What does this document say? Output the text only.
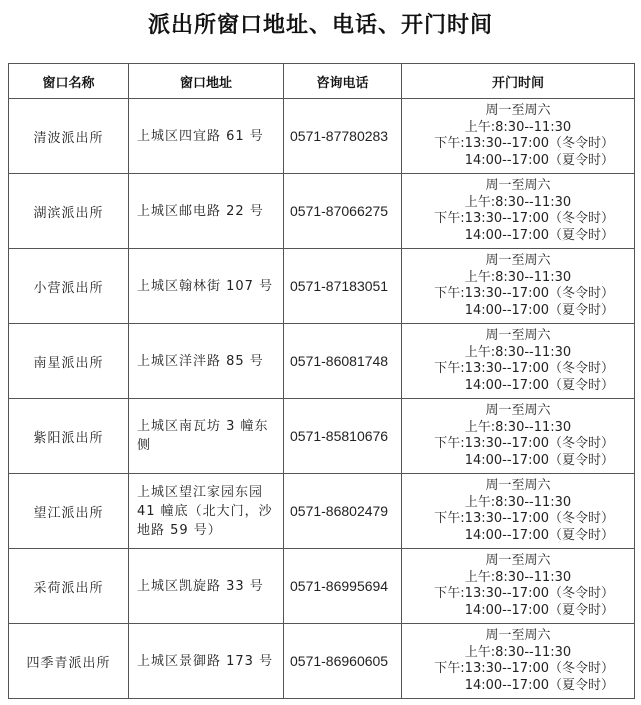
派出所窗口地址、电话、开门时间
窗口名称	窗口地址	咨询电话	开门时间
清波派出所	上城区四宜路 61 号	0571-87780283	周一至周六
上午:8:30--11:30
下午:13:30--17:00（冬令时）
14:00--17:00（夏令时）

湖滨派出所	上城区邮电路 22 号	0571-87066275	周一至周六
上午:8:30--11:30
下午:13:30--17:00（冬令时）
14:00--17:00（夏令时）

小营派出所	上城区翰林街 107 号	0571-87183051	周一至周六
上午:8:30--11:30
下午:13:30--17:00（冬令时）
14:00--17:00（夏令时）

南星派出所	上城区洋泮路 85 号	0571-86081748	周一至周六
上午:8:30--11:30
下午:13:30--17:00（冬令时）
14:00--17:00（夏令时）

紫阳派出所	上城区南瓦坊 3 幢东侧	0571-85810676	周一至周六
上午:8:30--11:30
下午:13:30--17:00（冬令时）
14:00--17:00（夏令时）

望江派出所	上城区望江家园东园 41 幢底（北大门，沙地路 59 号）	0571-86802479	周一至周六
上午:8:30--11:30
下午:13:30--17:00（冬令时）
14:00--17:00（夏令时）

采荷派出所	上城区凯旋路 33 号	0571-86995694	周一至周六
上午:8:30--11:30
下午:13:30--17:00（冬令时）
14:00--17:00（夏令时）

四季青派出所	上城区景御路 173 号	0571-86960605	周一至周六
上午:8:30--11:30
下午:13:30--17:00（冬令时）
14:00--17:00（夏令时）
